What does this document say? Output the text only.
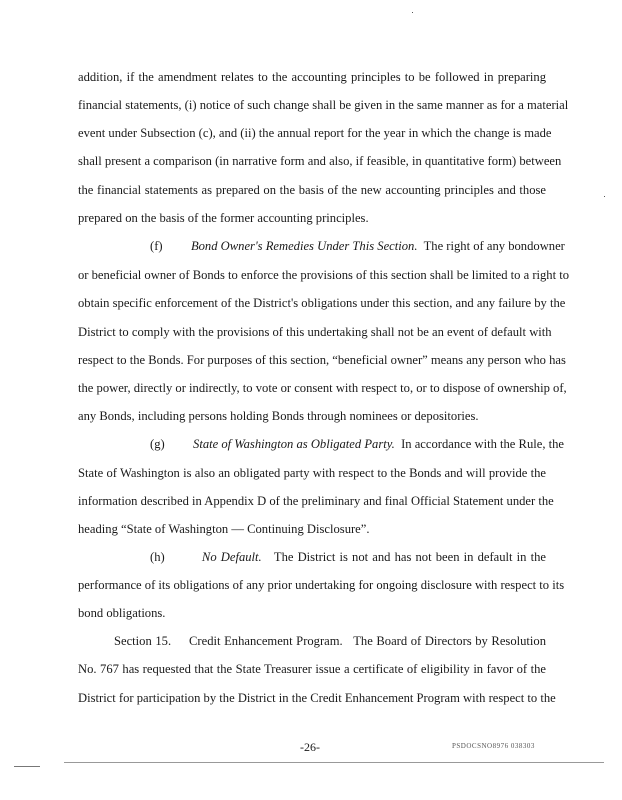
addition, if the amendment relates to the accounting principles to be followed in preparing
financial statements, (i) notice of such change shall be given in the same manner as for a material
event under Subsection (c), and (ii) the annual report for the year in which the change is made
shall present a comparison (in narrative form and also, if feasible, in quantitative form) between
the financial statements as prepared on the basis of the new accounting principles and those
prepared on the basis of the former accounting principles.
(f) Bond Owner's Remedies Under This Section. The right of any bondowner
or beneficial owner of Bonds to enforce the provisions of this section shall be limited to a right to
obtain specific enforcement of the District's obligations under this section, and any failure by the
District to comply with the provisions of this undertaking shall not be an event of default with
respect to the Bonds. For purposes of this section, “beneficial owner” means any person who has
the power, directly or indirectly, to vote or consent with respect to, or to dispose of ownership of,
any Bonds, including persons holding Bonds through nominees or depositories.
(g) State of Washington as Obligated Party. In accordance with the Rule, the
State of Washington is also an obligated party with respect to the Bonds and will provide the
information described in Appendix D of the preliminary and final Official Statement under the
heading “State of Washington — Continuing Disclosure”.
(h)	No Default. The District is not and has not been in default in the
performance of its obligations of any prior undertaking for ongoing disclosure with respect to its
bond obligations.
Section 15. Credit Enhancement Program. The Board of Directors by Resolution
No. 767 has requested that the State Treasurer issue a certificate of eligibility in favor of the
District for participation by the District in the Credit Enhancement Program with respect to the
-26-	PSDOCSNO8976 038303
